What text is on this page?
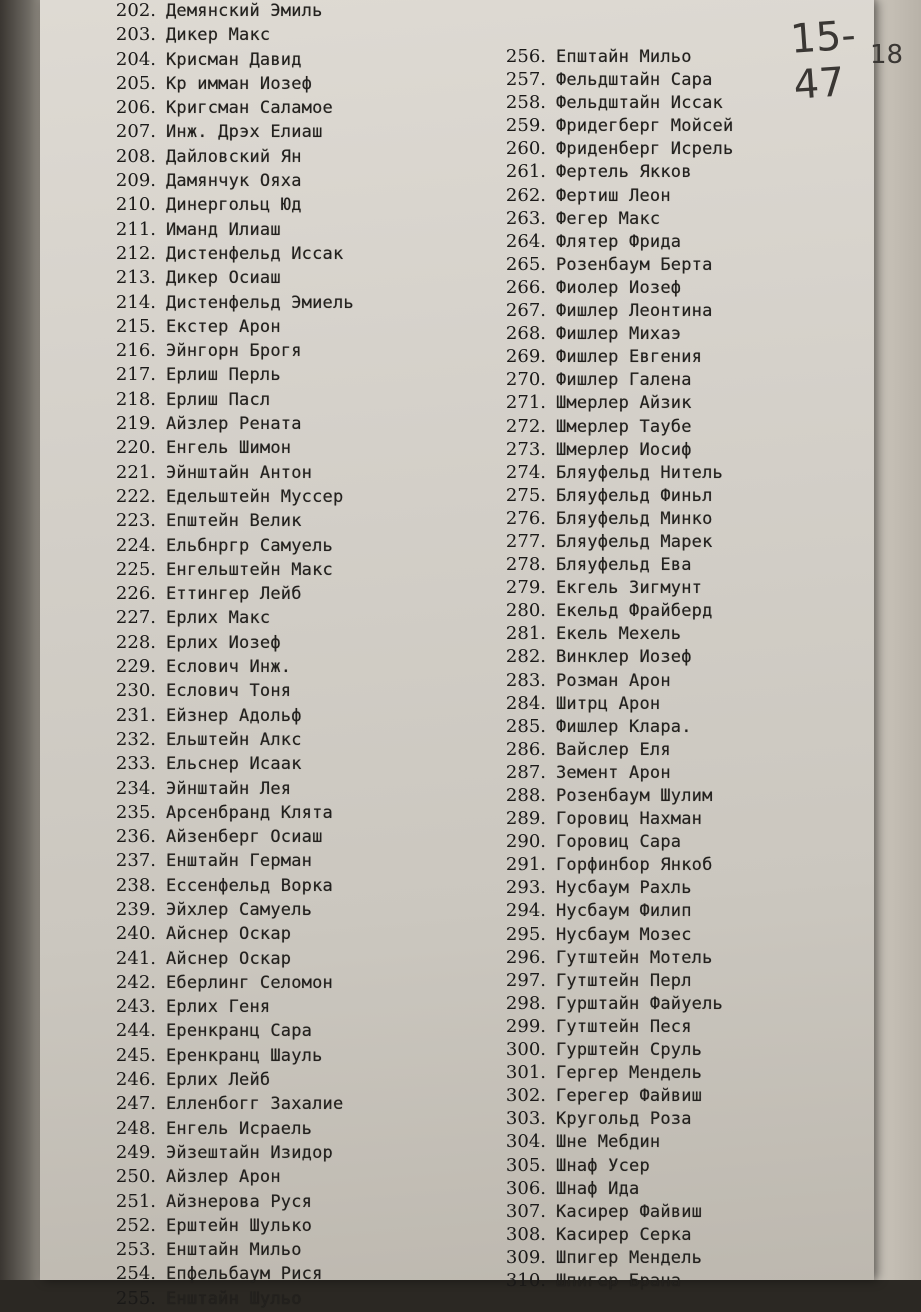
15-47
18
202. Демянский Эмиль
203. Дикер Макс
204. Крисман Давид
205. Кр имман Иозеф
206. Кригсман Саламое
207. Инж. Дрэх Елиаш
208. Дайловский Ян
209. Дамянчук Ояха
210. Динергольц Юд
211. Иманд Илиаш
212. Дистенфельд Иссак
213. Дикер Осиаш
214. Дистенфельд Эмиель
215. Екстер Арон
216. Эйнгорн Брогя
217. Ерлиш Перль
218. Ерлиш Пасл
219. Айзлер Рената
220. Енгель Шимон
221. Эйнштайн Антон
222. Едельштейн Муссер
223. Епштейн Велик
224. Ельбнргр Самуель
225. Енгельштейн Макс
226. Еттингер Лейб
227. Ерлих Макс
228. Ерлих Иозеф
229. Еслович Инж.
230. Еслович Тоня
231. Ейзнер Адольф
232. Ельштейн Алкс
233. Ельснер Исаак
234. Эйнштайн Лея
235. Арсенбранд Клята
236. Айзенберг Осиаш
237. Енштайн Герман
238. Ессенфельд Ворка
239. Эйхлер Самуель
240. Айснер Оскар
241. Айснер Оскар
242. Еберлинг Селомон
243. Ерлих Геня
244. Еренкранц Сара
245. Еренкранц Шауль
246. Ерлих Лейб
247. Елленбогг Захалие
248. Енгель Исраель
249. Эйзештайн Изидор
250. Айзлер Арон
251. Айзнерова Руся
252. Ерштейн Шулько
253. Енштайн Мильо
254. Епфельбаум Рися
255. Енштайн Шульо
256. Епштайн Мильо
257. Фельдштайн Сара
258. Фельдштайн Иссак
259. Фридегберг Мойсей
260. Фриденберг Исрель
261. Фертель Якков
262. Фертиш Леон
263. Фегер Макс
264. Флятер Фрида
265. Розенбаум Берта
266. Фиолер Иозеф
267. Фишлер Леонтина
268. Фишлер Михаэ
269. Фишлер Евгения
270. Фишлер Галена
271. Шмерлер Айзик
272. Шмерлер Таубе
273. Шмерлер Иосиф
274. Бляуфельд Нитель
275. Бляуфельд Финьл
276. Бляуфельд Минко
277. Бляуфельд Марек
278. Бляуфельд Ева
279. Екгель Зигмунт
280. Екельд Фрайберд
281. Екель Мехель
282. Винклер Иозеф
283. Розман Арон
284. Шитрц Арон
285. Фишлер Клара.
286. Вайслер Еля
287. Земент Арон
288. Розенбаум Шулим
289. Горовиц Нахман
290. Горовиц Сара
291. Горфинбор Янкоб
293. Нусбаум Рахль
294. Нусбаум Филип
295. Нусбаум Мозес
296. Гутштейн Мотель
297. Гутштейн Перл
298. Гурштайн Файуель
299. Гутштейн Песя
300. Гурштейн Сруль
301. Гергер Мендель
302. Герегер Файвиш
303. Кругольд Роза
304. Шне Мебдин
305. Шнаф Усер
306. Шнаф Ида
307. Касирер Файвиш
308. Касирер Серка
309. Шпигер Мендель
310. Шпигер Брана
